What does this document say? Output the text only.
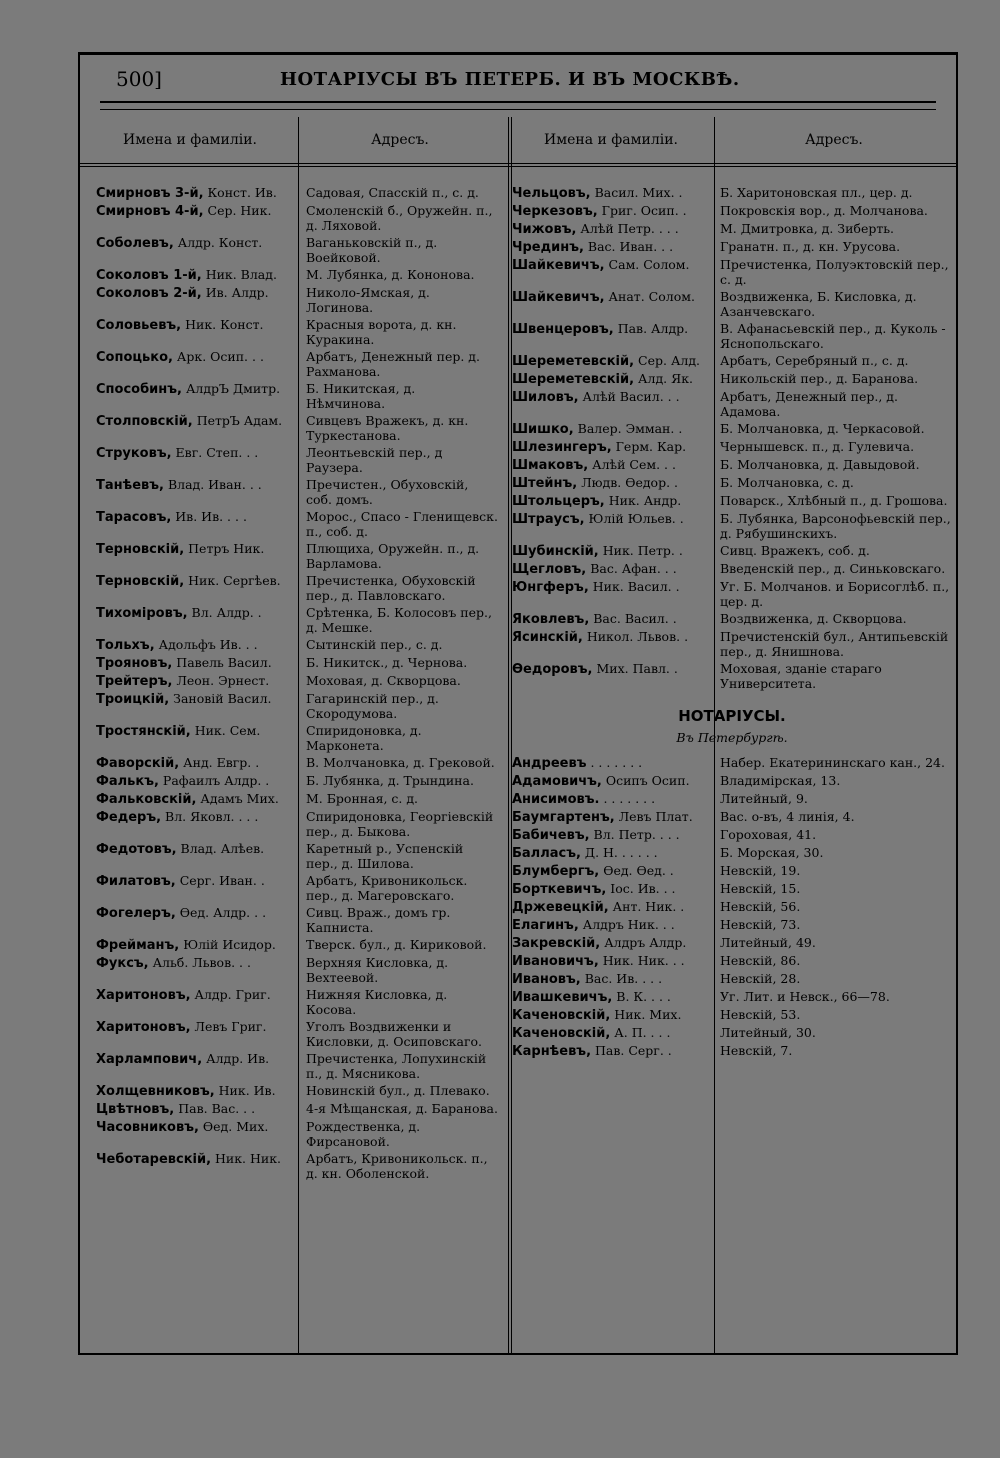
500]	НОТАРІУСЫ ВЪ ПЕТЕРБ. И ВЪ МОСКВѢ.
Имена и фамиліи.	Адресъ.	Имена и фамиліи.	Адресъ.
Смирновъ 3-й, Конст. Ив.	Садовая, Спасскій п., с. д.
Смирновъ 4-й, Сер. Ник.	Смоленскій б., Оружейн. п., д. Ляховой.
Соболевъ, Алдр. Конст.	Ваганьковскій п., д. Воейковой.
Соколовъ 1-й, Ник. Влад.	М. Лубянка, д. Кононова.
Соколовъ 2-й, Ив. Алдр.	Николо-Ямская, д. Логинова.
Соловьевъ, Ник. Конст.	Красныя ворота, д. кн. Куракина.
Сопоцько, Арк. Осип. . .	Арбатъ, Денежный пер. д. Рахманова.
Способинъ, АлдрЪ Дмитр.	Б. Никитская, д. Нѣмчинова.
Столповскій, ПетрЪ Адам.	Сивцевъ Вражекъ, д. кн. Туркестанова.
Струковъ, Евг. Степ. . .	Леонтьевскій пер., д Раузера.
Танѣевъ, Влад. Иван. . .	Пречистен., Обуховскій, соб. домъ.
Тарасовъ, Ив. Ив. . . .	Морос., Спасо - Гленищевск. п., соб. д.
Терновскій, Петръ Ник.	Плющиха, Оружейн. п., д. Варламова.
Терновскій, Ник. Сергѣев.	Пречистенка, Обуховскій пер., д. Павловскаго.
Тихоміровъ, Вл. Алдр. .	Срѣтенка, Б. Колосовъ пер., д. Мешке.
Тольхъ, Адольфъ Ив. . .	Сытинскій пер., с. д.
Трояновъ, Павель Васил.	Б. Никитск., д. Чернова.
Трейтеръ, Леон. Эрнест.	Моховая, д. Скворцова.
Троицкій, Зановій Васил.	Гагаринскій пер., д. Скородумова.
Тростянскій, Ник. Сем.	Спиридоновка, д. Марконета.
Фаворскій, Анд. Евгр. .	В. Молчановка, д. Грековой.
Фалькъ, Рафаилъ Алдр. .	Б. Лубянка, д. Трындина.
Фальковскій, Адамъ Мих.	М. Бронная, с. д.
Федеръ, Вл. Яковл. . . .	Спиридоновка, Георгіевскій пер., д. Быкова.
Федотовъ, Влад. Алѣев.	Каретный р., Успенскій пер., д. Шилова.
Филатовъ, Серг. Иван. .	Арбатъ, Кривоникольск. пер., д. Магеровскаго.
Фогелеръ, Ѳед. Алдр. . .	Сивц. Враж., домъ гр. Капниста.
Фрейманъ, Юлій Исидор.	Тверск. бул., д. Кириковой.
Фуксъ, Альб. Львов. . .	Верхняя Кисловка, д. Вехтеевой.
Харитоновъ, Алдр. Григ.	Нижняя Кисловка, д. Косова.
Харитоновъ, Левъ Григ.	Уголъ Воздвиженки и Кисловки, д. Осиповскаго.
Харлампович, Алдр. Ив.	Пречистенка, Лопухинскій п., д. Мясникова.
Холщевниковъ, Ник. Ив.	Новинскій бул., д. Плевако.
Цвѣтновъ, Пав. Вас. . .	4-я Мѣщанская, д. Баранова.
Часовниковъ, Ѳед. Мих.	Рождественка, д. Фирсановой.
Чеботаревскій, Ник. Ник.	Арбатъ, Кривоникольск. п., д. кн. Оболенской.
Чельцовъ, Васил. Мих. .	Б. Харитоновская пл., цер. д.
Черкезовъ, Григ. Осип. .	Покровскія вор., д. Молчанова.
Чижовъ, Алѣй Петр. . . .	М. Дмитровка, д. Зиберть.
Чрединъ, Вас. Иван. . .	Гранатн. п., д. кн. Урусова.
Шайкевичъ, Сам. Солом.	Пречистенка, Полуэктовскій пер., с. д.
Шайкевичъ, Анат. Солом.	Воздвиженка, Б. Кисловка, д. Азанчевскаго.
Швенцеровъ, Пав. Алдр.	В. Афанасьевскій пер., д. Куколь - Яснопольскаго.
Шереметевскій, Сер. Алд.	Арбатъ, Серебряный п., с. д.
Шереметевскій, Алд. Як.	Никольскій пер., д. Баранова.
Шиловъ, Алѣй Васил. . .	Арбатъ, Денежный пер., д. Адамова.
Шишко, Валер. Эмман. .	Б. Молчановка, д. Черкасовой.
Шлезингеръ, Герм. Кар.	Чернышевск. п., д. Гулевича.
Шмаковъ, Алѣй Сем. . .	Б. Молчановка, д. Давыдовой.
Штейнъ, Людв. Ѳедор. .	Б. Молчановка, с. д.
Штольцеръ, Ник. Андр.	Поварск., Хлѣбный п., д. Грошова.
Штраусъ, Юлій Юльев. .	Б. Лубянка, Варсонофьевскій пер., д. Рябушинскихъ.
Шубинскій, Ник. Петр. .	Сивц. Вражекъ, соб. д.
Щегловъ, Вас. Афан. . .	Введенскій пер., д. Синьковскаго.
Юнгферъ, Ник. Васил. .	Уг. Б. Молчанов. и Борисоглѣб. п., цер. д.
Яковлевъ, Вас. Васил. .	Воздвиженка, д. Скворцова.
Ясинскій, Никол. Львов. .	Пречистенскій бул., Антипьевскій пер., д. Янишнова.
Ѳедоровъ, Мих. Павл. .	Моховая, зданіе стараго Университета.
НОТАРІУСЫ.
Въ Петербургѣ.
Андреевъ . . . . . . .	Набер. Екатерининскаго кан., 24.
Адамовичъ, Осипъ Осип.	Владимірская, 13.
Анисимовъ. . . . . . . .	Литейный, 9.
Баумгартенъ, Левъ Плат.	Вас. о-въ, 4 линія, 4.
Бабичевъ, Вл. Петр. . . .	Гороховая, 41.
Балласъ, Д. Н. . . . . .	Б. Морская, 30.
Блумбергъ, Ѳед. Ѳед. .	Невскій, 19.
Борткевичъ, Іос. Ив. . .	Невскій, 15.
Држевецкій, Ант. Ник. .	Невскій, 56.
Елагинъ, Алдръ Ник. . .	Невскій, 73.
Закревскій, Алдръ Алдр.	Литейный, 49.
Ивановичъ, Ник. Ник. . .	Невскій, 86.
Ивановъ, Вас. Ив. . . .	Невскій, 28.
Ивашкевичъ, В. К. . . .	Уг. Лит. и Невск., 66—78.
Каченовскій, Ник. Мих.	Невскій, 53.
Каченовскій, А. П. . . .	Литейный, 30.
Карнѣевъ, Пав. Серг. .	Невскій, 7.
